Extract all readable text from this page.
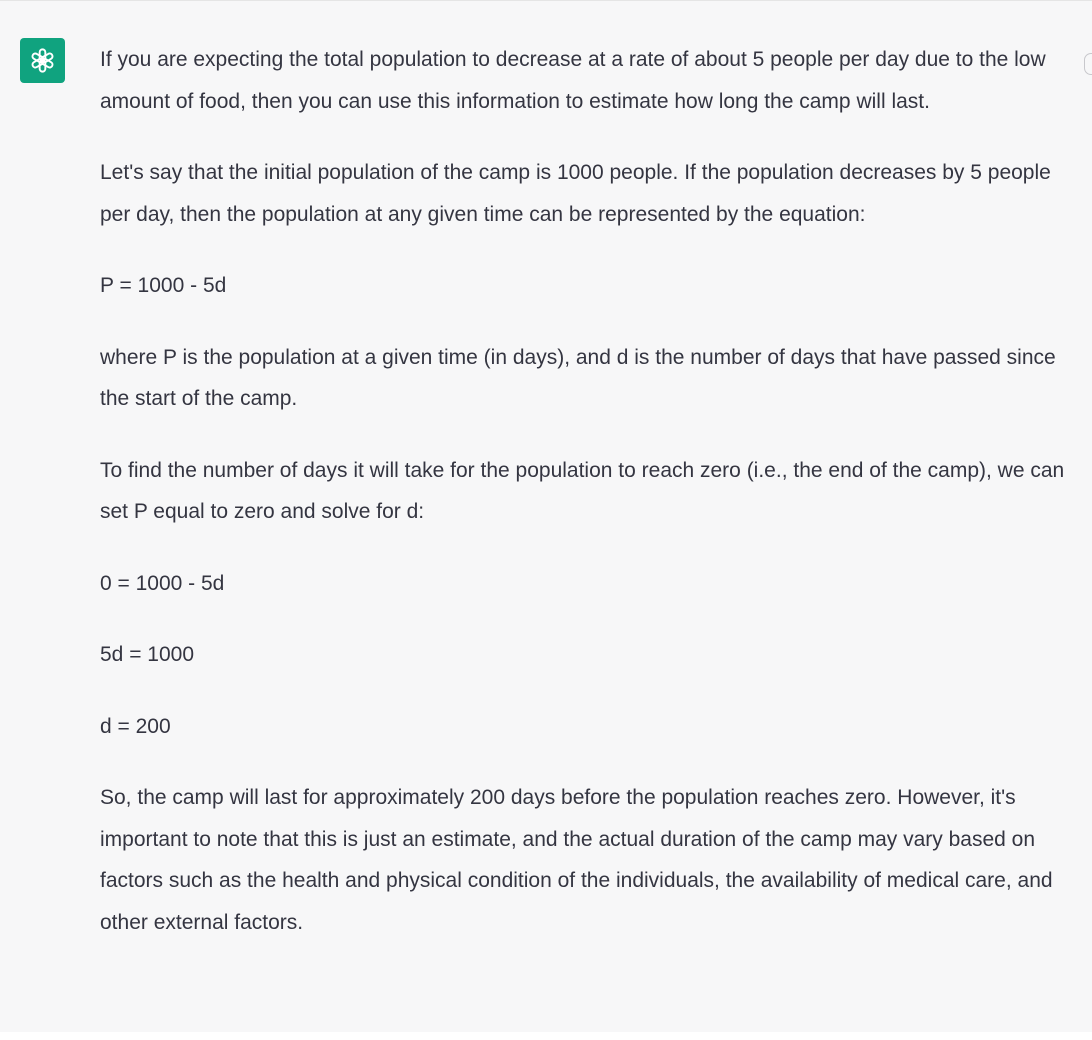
If you are expecting the total population to decrease at a rate of about 5 people per day due to the low amount of food, then you can use this information to estimate how long the camp will last.

Let's say that the initial population of the camp is 1000 people. If the population decreases by 5 people per day, then the population at any given time can be represented by the equation:

P = 1000 - 5d

where P is the population at a given time (in days), and d is the number of days that have passed since the start of the camp.

To find the number of days it will take for the population to reach zero (i.e., the end of the camp), we can set P equal to zero and solve for d:

0 = 1000 - 5d

5d = 1000

d = 200

So, the camp will last for approximately 200 days before the population reaches zero. However, it's important to note that this is just an estimate, and the actual duration of the camp may vary based on factors such as the health and physical condition of the individuals, the availability of medical care, and other external factors.
